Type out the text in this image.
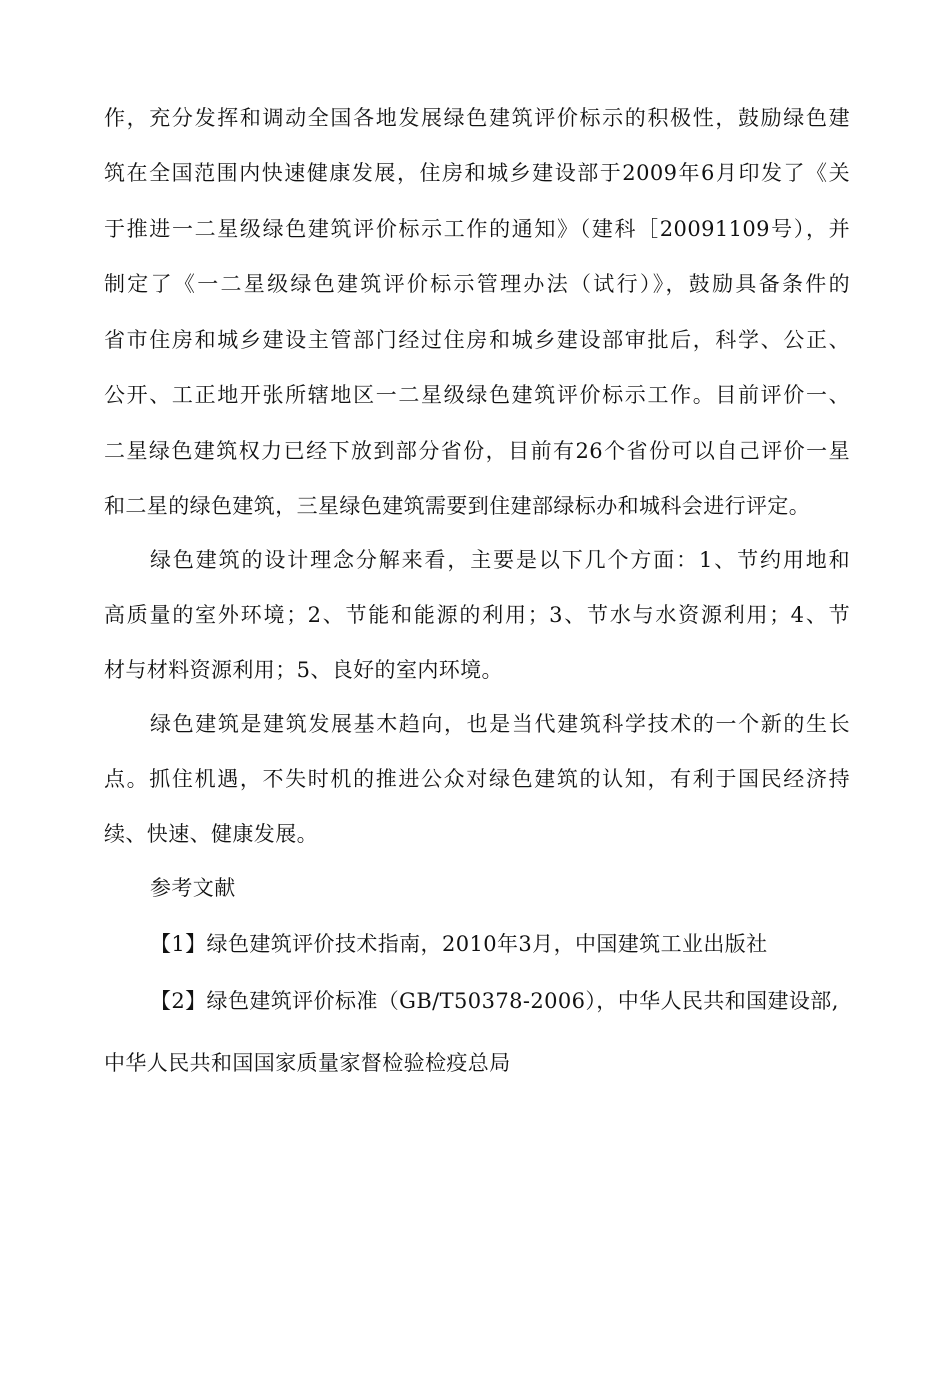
作，充分发挥和调动全国各地发展绿色建筑评价标示的积极性，鼓励绿色建
筑在全国范围内快速健康发展，住房和城乡建设部于2009年6月印发了《关
于推进一二星级绿色建筑评价标示工作的通知》（建科［20091109号），并
制定了《一二星级绿色建筑评价标示管理办法（试行）》，鼓励具备条件的
省市住房和城乡建设主管部门经过住房和城乡建设部审批后，科学、公正、
公开、工正地开张所辖地区一二星级绿色建筑评价标示工作。目前评价一、
二星绿色建筑权力已经下放到部分省份，目前有26个省份可以自己评价一星
和二星的绿色建筑，三星绿色建筑需要到住建部绿标办和城科会进行评定。
绿色建筑的设计理念分解来看，主要是以下几个方面：1、节约用地和
高质量的室外环境；2、节能和能源的利用；3、节水与水资源利用；4、节
材与材料资源利用；5、良好的室内环境。
绿色建筑是建筑发展基木趋向，也是当代建筑科学技术的一个新的生长
点。抓住机遇，不失时机的推进公众对绿色建筑的认知，有利于国民经济持
续、快速、健康发展。
参考文献
【1】绿色建筑评价技术指南，2010年3月，中国建筑工业出版社
【2】绿色建筑评价标准（GB/T50378-2006），中华人民共和国建设部,
中华人民共和国国家质量家督检验检疫总局
